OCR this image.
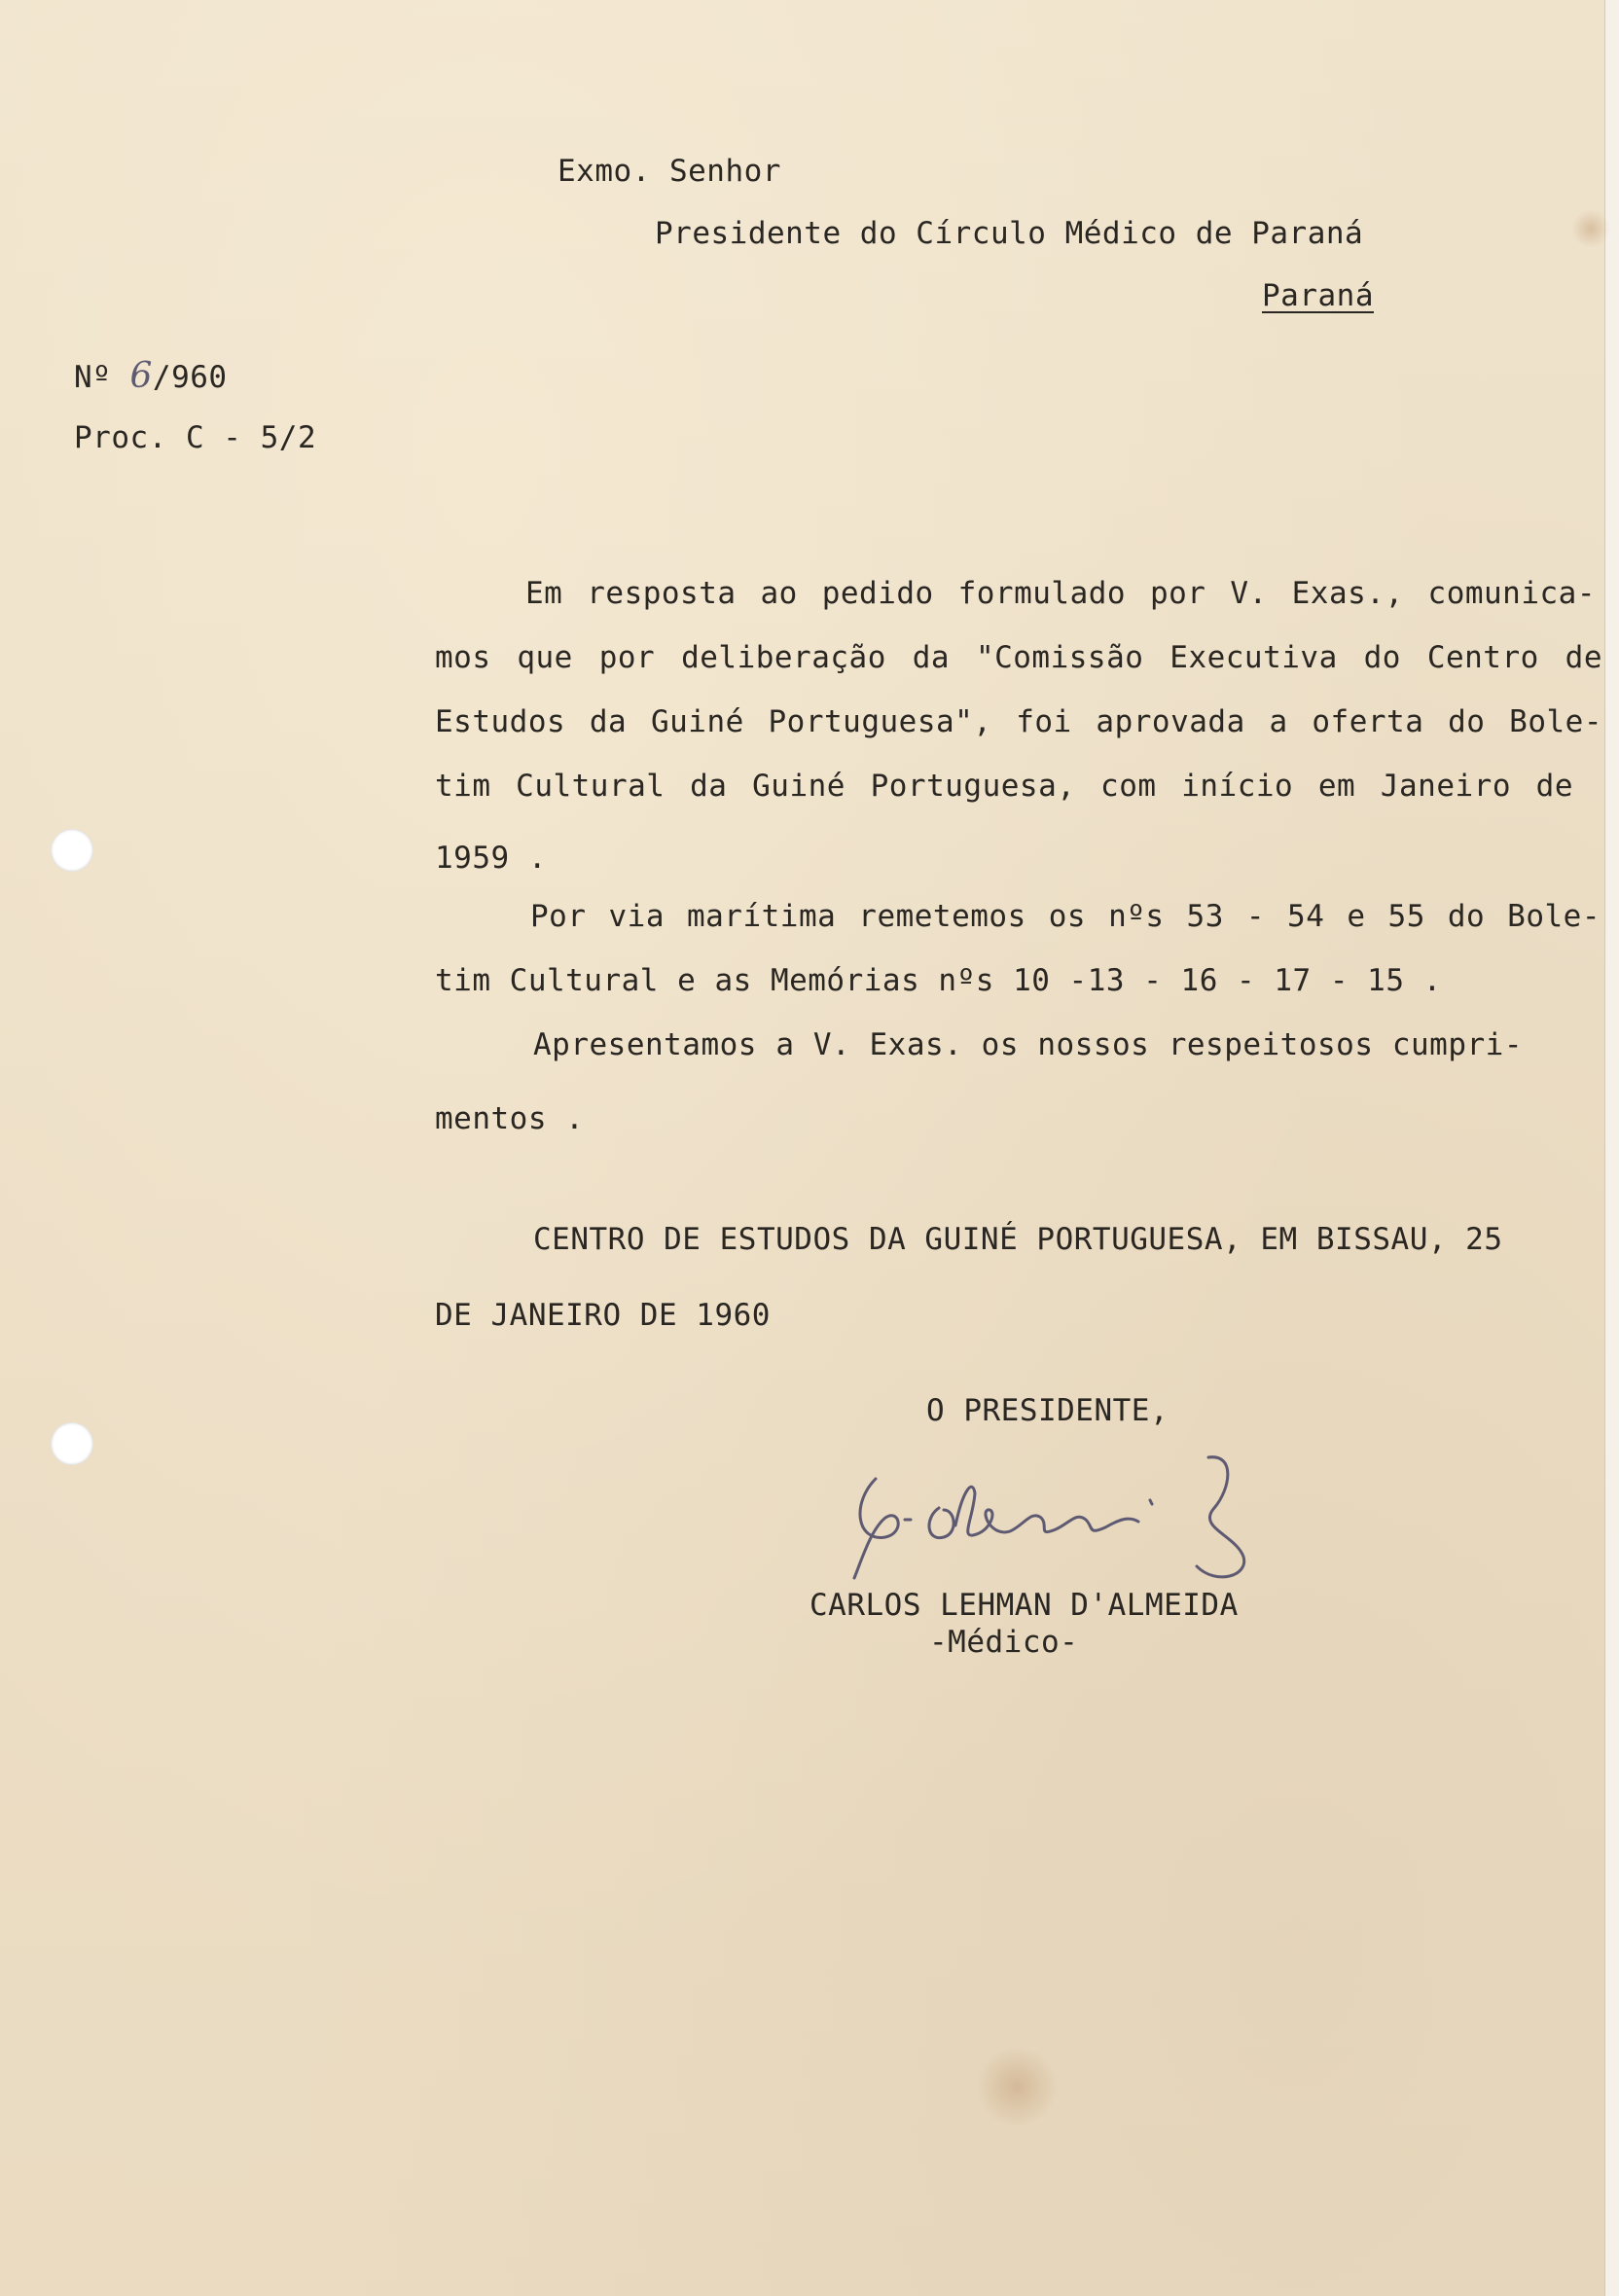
Exmo. Senhor
Presidente do Círculo Médico de Paraná
Paraná
Nº 6/960
Proc. C - 5/2
Em resposta ao pedido formulado por V. Exas., comunica-
mos que por deliberação da "Comissão Executiva do Centro de
Estudos da Guiné Portuguesa", foi aprovada a oferta do Bole-
tim Cultural da Guiné Portuguesa, com início em Janeiro de
1959 .
Por via marítima remetemos os nºs 53 - 54 e 55 do Bole-
tim Cultural e as Memórias nºs 10 -13 - 16 - 17 - 15 .
Apresentamos a V. Exas. os nossos respeitosos cumpri-
mentos .
CENTRO DE ESTUDOS DA GUINÉ PORTUGUESA, EM BISSAU, 25
DE JANEIRO DE 1960
O PRESIDENTE,
CARLOS LEHMAN D'ALMEIDA
-Médico-
